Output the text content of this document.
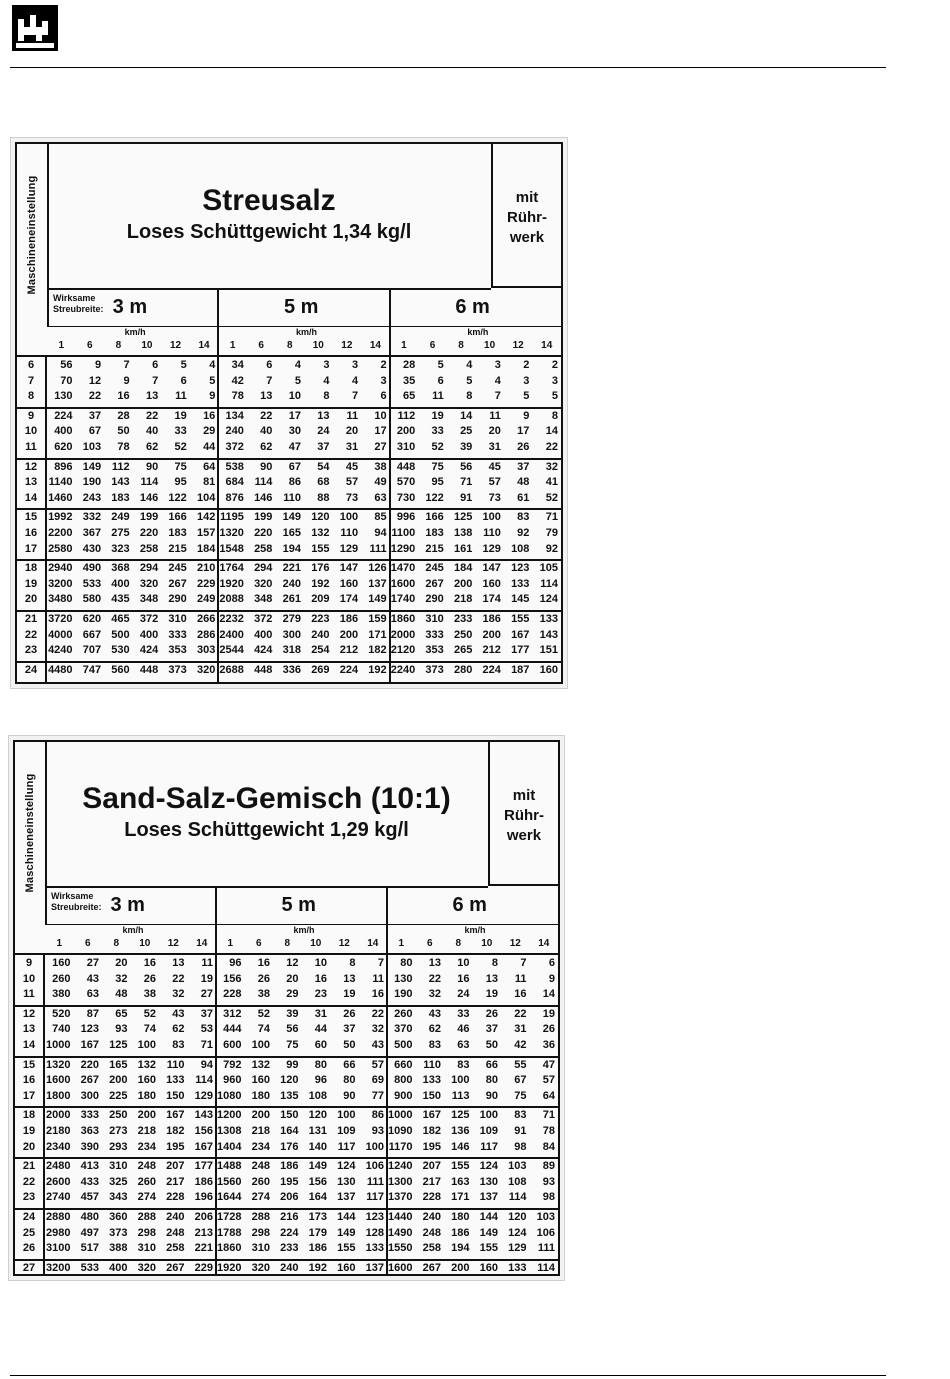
Maschineneinstellung	Streusalz
Loses Schüttgewicht 1,34 kg/l
mit
Rühr-
werk
Wirksame
Streubreite: 3 m	5 m	6 m
km/h
1	6	8	10	12	14
km/h
1	6	8	10	12	14
km/h
1	6	8	10	12	14
6	56	9	7	6	5	4	34	6	4	3	3	2	28	5	4	3	2	2
7	70	12	9	7	6	5	42	7	5	4	4	3	35	6	5	4	3	3
8	130	22	16	13	11	9	78	13	10	8	7	6	65	11	8	7	5	5
9	224	37	28	22	19	16 134	22	17	13	11	10 112	19	14	11	9	8
10	400	67	50	40	33	29 240	40	30	24	20	17 200	33	25	20	17	14
11	620 103	78	62	52	44 372	62	47	37	31	27 310	52	39	31	26	22
12	896 149 112	90	75	64 538	90	67	54	45	38 448	75	56	45	37	32
13	1140 190 143 114	95	81 684 114	86	68	57	49 570	95	71	57	48	41
14 1460 243 183 146 122 104 876 146 110	88	73	63 730 122	91	73	61	52
15 1992 332 249 199 166 142 1195 199 149 120 100	85 996 166 125 100	83	71
16 2200 367 275 220 183 157 1320 220 165 132 110	94 1100 183 138 110	92	79
17 2580 430 323 258 215 184 1548 258 194 155 129	111 1290 215 161 129 108	92
18 2940 490 368 294 245 210 1764 294 221 176 147 126 1470 245 184 147 123 105
19 3200 533 400 320 267 229 1920 320 240 192 160 137 1600 267 200 160 133 114
20 3480 580 435 348 290 249 2088 348 261 209 174 149 1740 290 218 174 145 124
21 3720 620 465 372 310 266 2232 372 279 223 186 159 1860 310 233 186 155 133
22 4000 667 500 400 333 286 2400 400 300 240 200 171 2000 333 250 200 167 143
23 4240 707 530 424 353 303 2544 424 318 254 212 182 2120 353 265 212 177 151
24 4480 747 560 448 373 320 2688 448 336 269 224 192 2240 373 280 224 187 160
Maschineneinstellung	Sand-Salz-Gemisch (10:1)
Loses Schüttgewicht 1,29 kg/l
mit
Rühr-
werk
Wirksame
Streubreite: 3 m	5 m	6 m
km/h
1	6	8	10	12	14
km/h
1	6	8	10	12	14
km/h
1	6	8	10	12	14
9	160	27	20	16	13	11	96	16	12	10	8	7	80	13	10	8	7	6
10	260	43	32	26	22	19 156	26	20	16	13	11 130	22	16	13	11	9
11	380	63	48	38	32	27 228	38	29	23	19	16 190	32	24	19	16	14
12	520	87	65	52	43	37 312	52	39	31	26	22 260	43	33	26	22	19
13	740 123	93	74	62	53 444	74	56	44	37	32 370	62	46	37	31	26
14 1000 167 125 100	83	71 600 100	75	60	50	43 500	83	63	50	42	36
15 1320 220 165 132 110	94 792 132	99	80	66	57 660 110	83	66	55	47
16 1600 267 200 160 133 114 960 160 120	96	80	69 800 133 100	80	67	57
17 1800 300 225 180 150 129 1080 180 135 108	90	77 900 150 113	90	75	64
18 2000 333 250 200 167 143 1200 200 150 120 100	86 1000 167 125 100	83	71
19 2180 363 273 218 182 156 1308 218 164 131 109	93 1090 182 136 109	91	78
20 2340 390 293 234 195 167 1404 234 176 140 117 100 1170 195 146 117	98	84
21 2480 413 310 248 207 177 1488 248 186 149 124 106 1240 207 155 124 103	89
22 2600 433 325 260 217 186 1560 260 195 156 130	111 1300 217 163 130 108	93
23 2740 457 343 274 228 196 1644 274 206 164 137 117 1370 228 171 137 114	98
24 2880 480 360 288 240 206 1728 288 216 173 144 123 1440 240 180 144 120 103
25 2980 497 373 298 248 213 1788 298 224 179 149 128 1490 248 186 149 124 106
26 3100 517 388 310 258 221 1860 310 233 186 155 133 1550 258 194 155 129	111
27 3200 533 400 320 267 229 1920 320 240 192 160 137 1600 267 200 160 133 114
